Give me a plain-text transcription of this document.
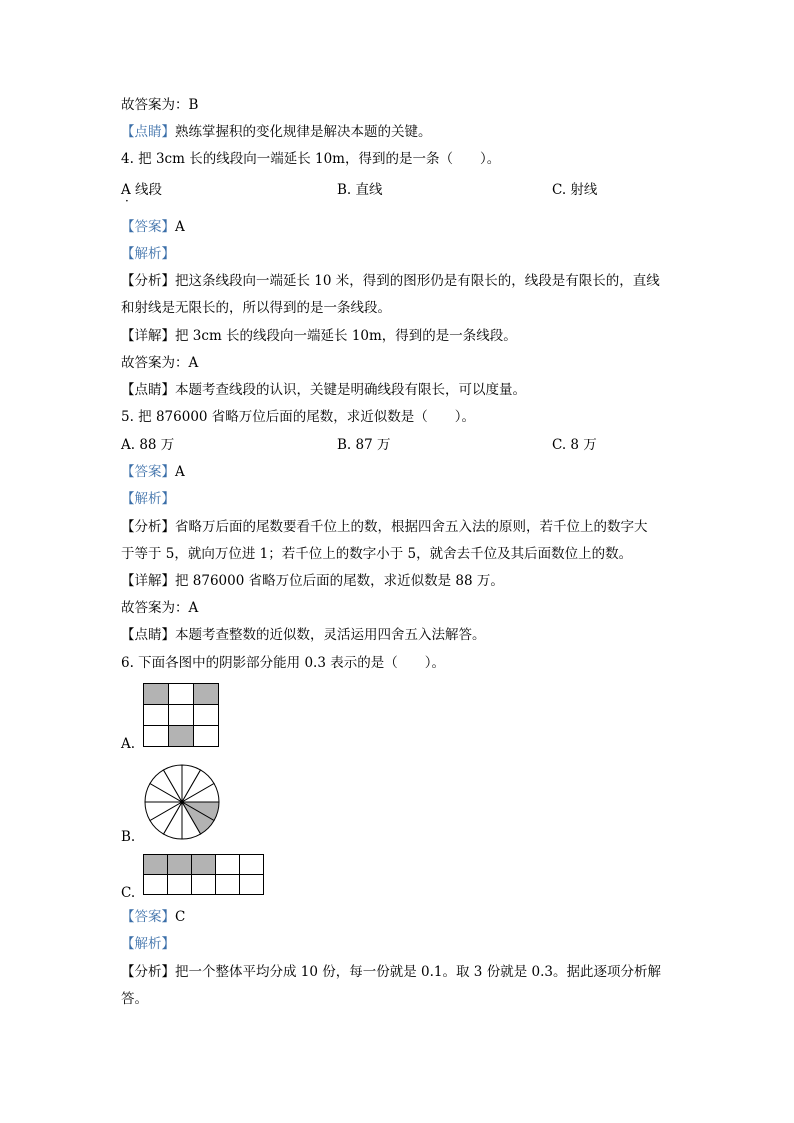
故答案为：B
【点睛】熟练掌握积的变化规律是解决本题的关键。
4. 把 3cm 长的线段向一端延长 10m，得到的是一条（　　）。
A 线段	B. 直线	C. 射线
·
【答案】A
【解析】
【分析】把这条线段向一端延长 10 米，得到的图形仍是有限长的，线段是有限长的，直线
和射线是无限长的，所以得到的是一条线段。
【详解】把 3cm 长的线段向一端延长 10m，得到的是一条线段。
故答案为：A
【点睛】本题考查线段的认识，关键是明确线段有限长，可以度量。
5. 把 876000 省略万位后面的尾数，求近似数是（　　）。
A. 88 万	B. 87 万	C. 8 万
【答案】A
【解析】
【分析】省略万后面的尾数要看千位上的数，根据四舍五入法的原则，若千位上的数字大
于等于 5，就向万位进 1；若千位上的数字小于 5，就舍去千位及其后面数位上的数。
【详解】把 876000 省略万位后面的尾数，求近似数是 88 万。
故答案为：A
【点睛】本题考查整数的近似数，灵活运用四舍五入法解答。
6. 下面各图中的阴影部分能用 0.3 表示的是（　　）。
A.
B.
C.
【答案】C
【解析】
【分析】把一个整体平均分成 10 份，每一份就是 0.1。取 3 份就是 0.3。据此逐项分析解
答。
